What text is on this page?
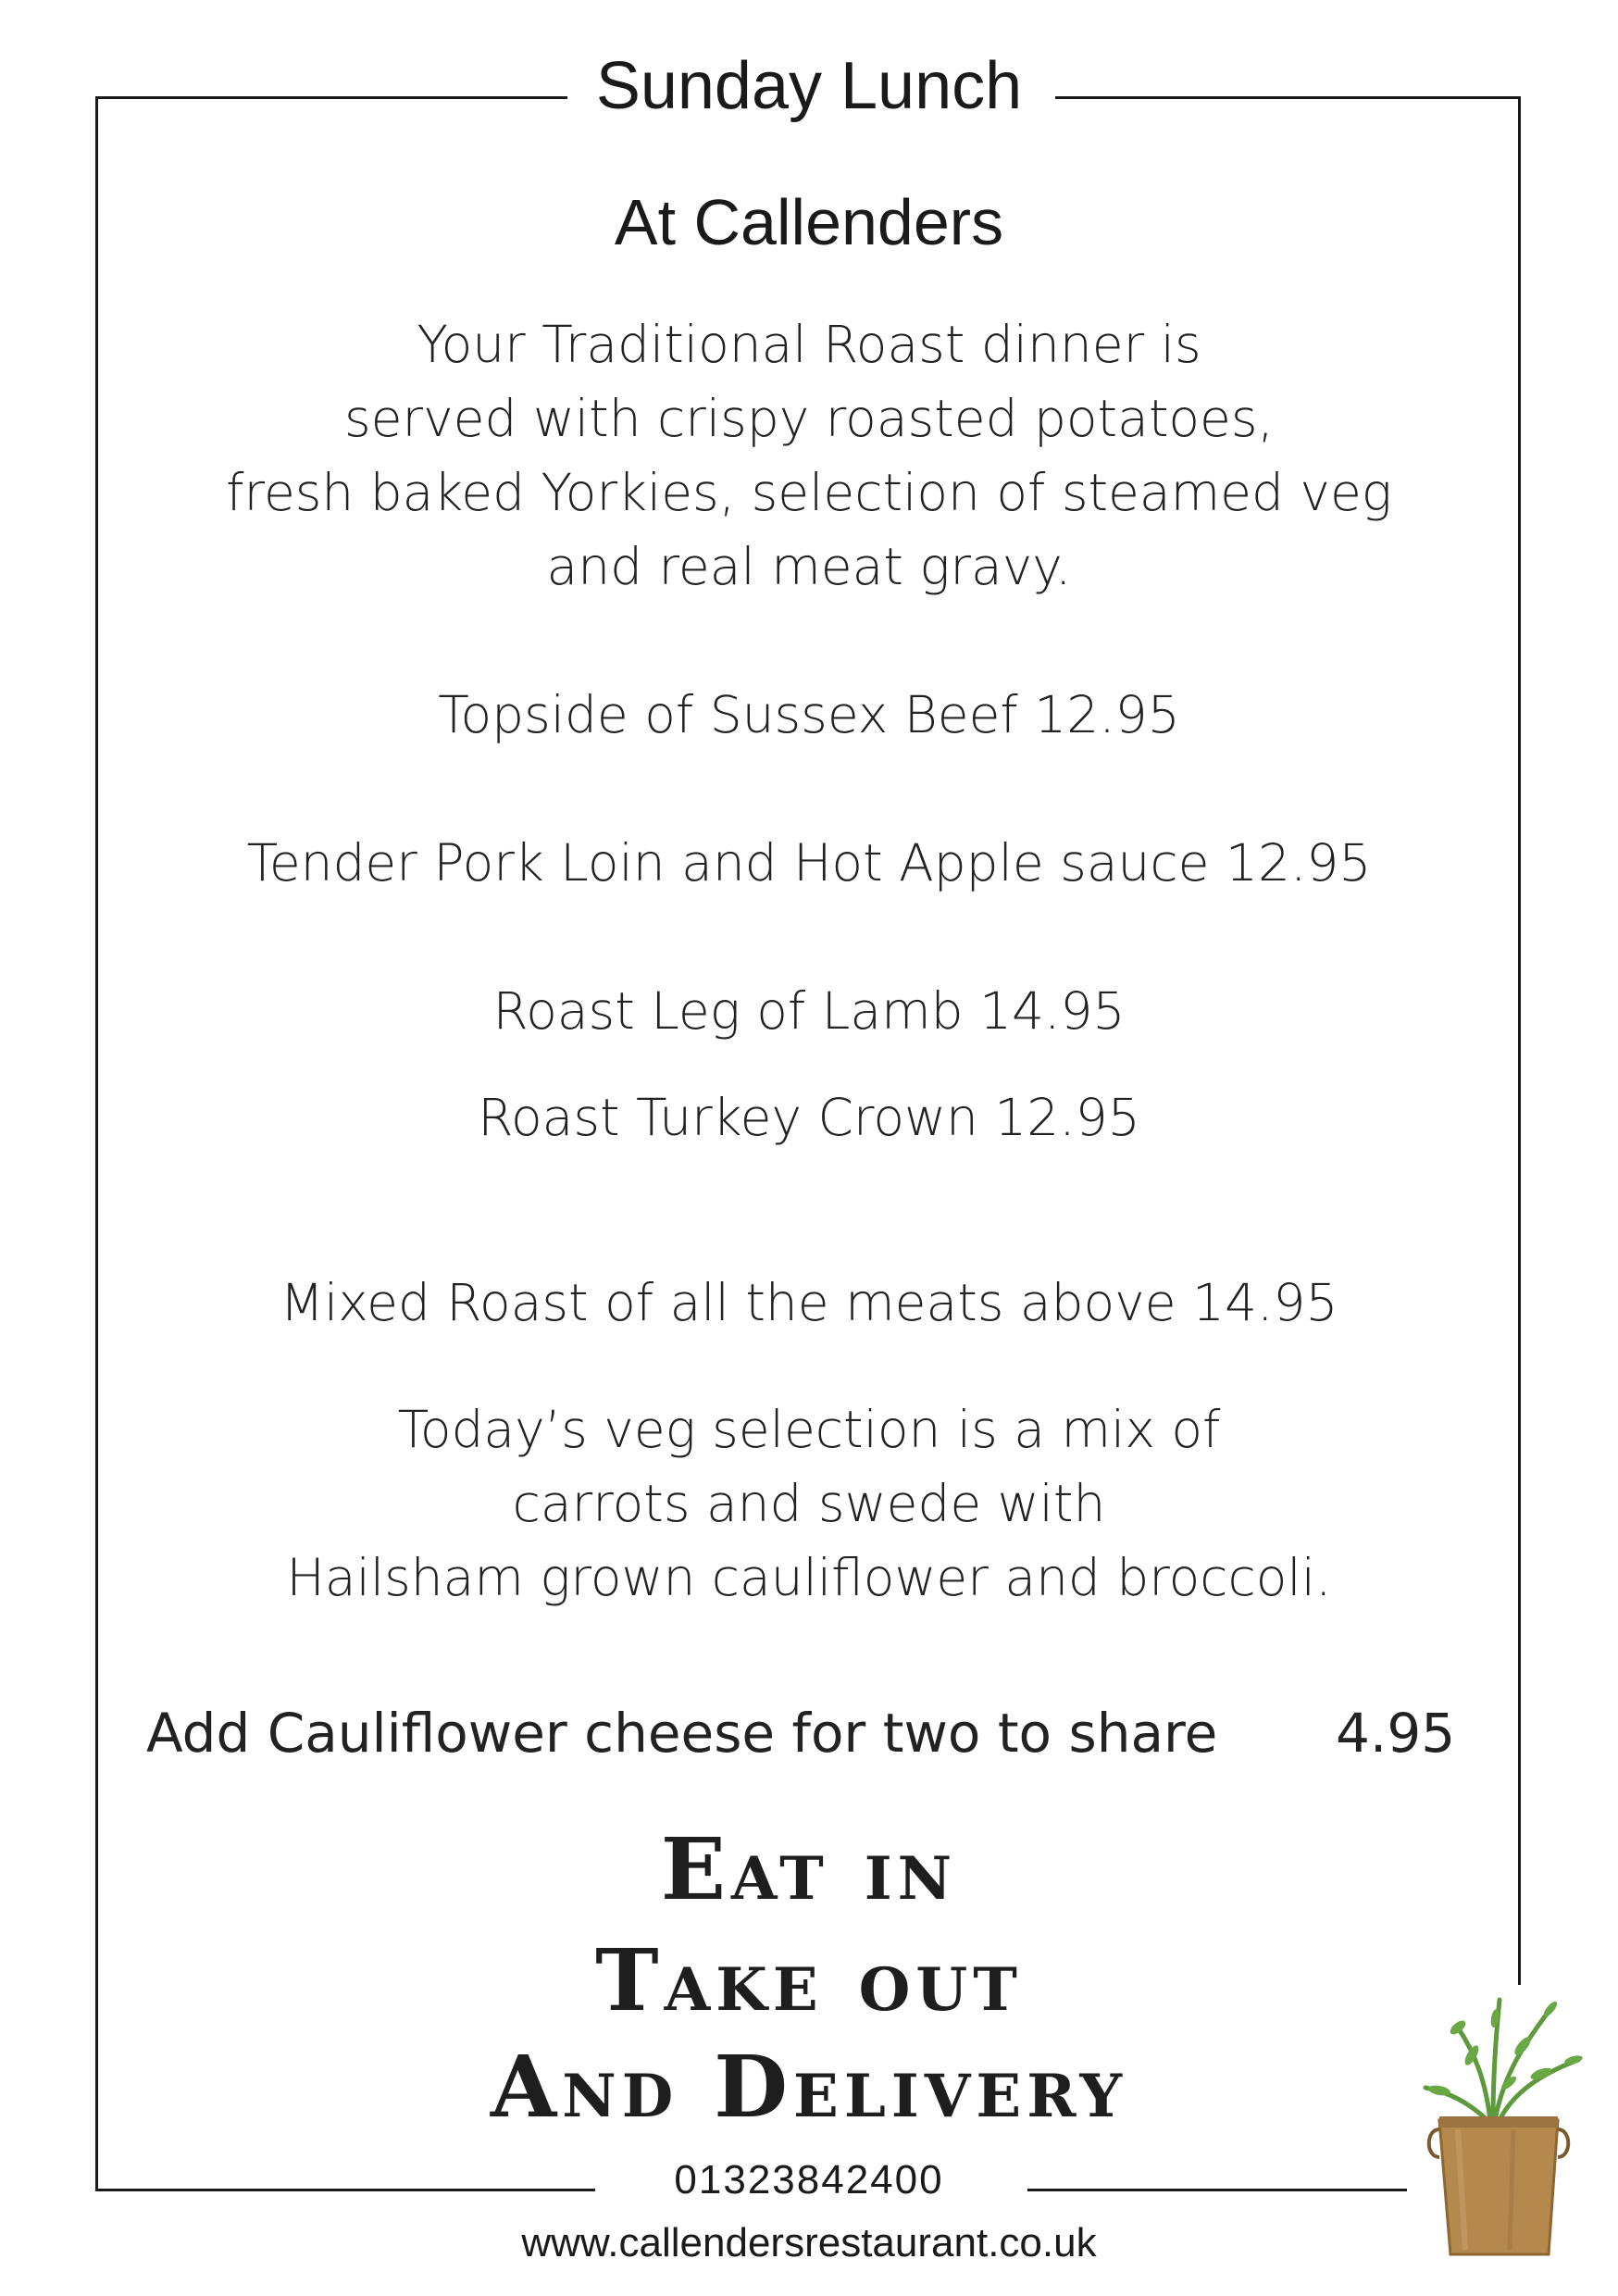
Sunday Lunch
At Callenders
Your Traditional Roast dinner is
served with crispy roasted potatoes,
fresh baked Yorkies, selection of steamed veg
and real meat gravy.
Topside of Sussex Beef 12.95
Tender Pork Loin and Hot Apple sauce 12.95
Roast Leg of Lamb 14.95
Roast Turkey Crown 12.95
Mixed Roast of all the meats above 14.95
Today’s veg selection is a mix of
carrots and swede with
Hailsham grown cauliflower and broccoli.
Add Cauliflower cheese for two to share 4.95
Eat in
Take out
And Delivery
01323842400
www.callendersrestaurant.co.uk
